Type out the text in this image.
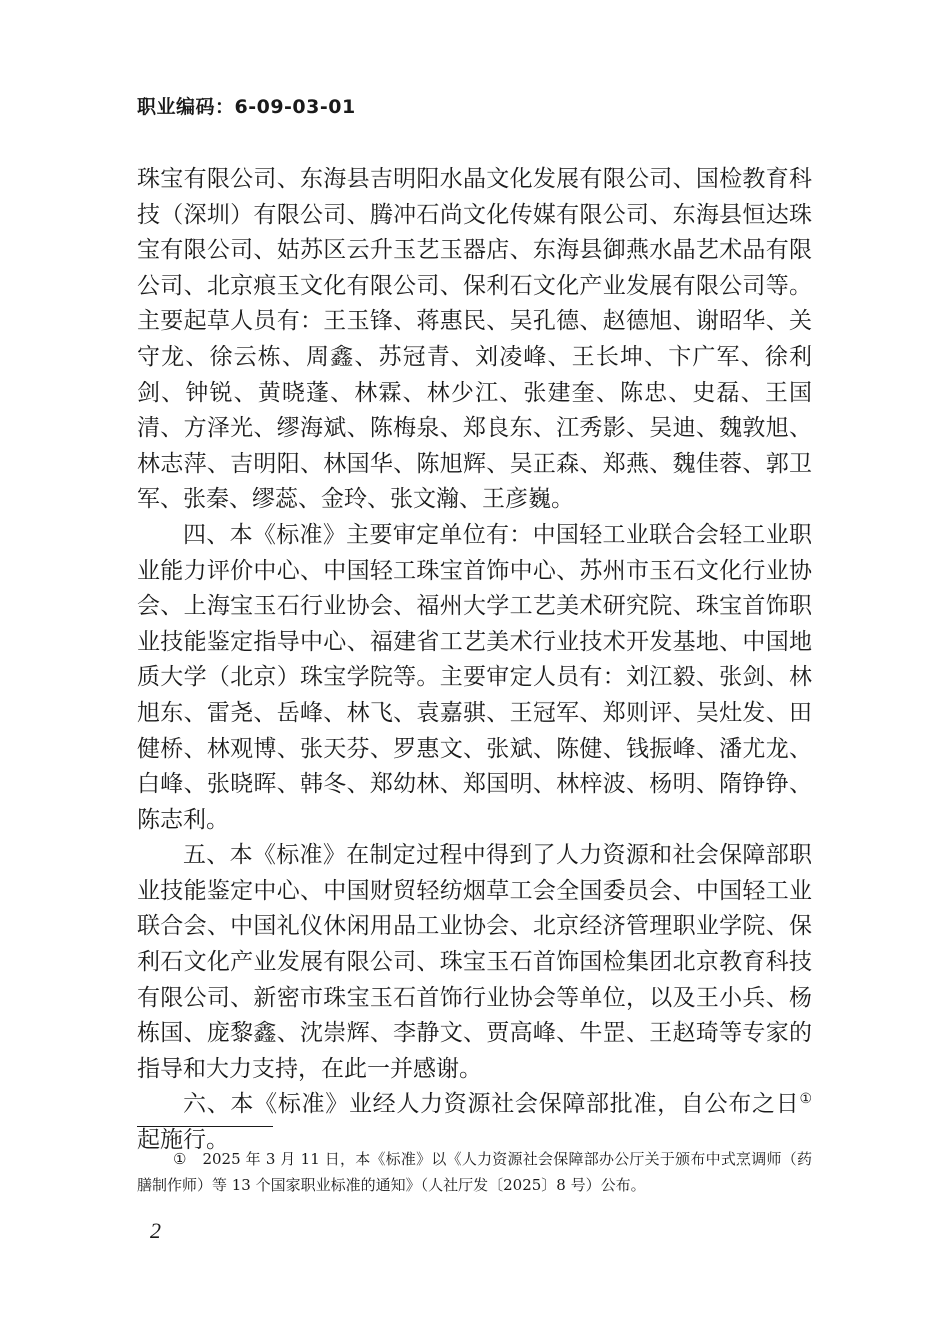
职业编码：6-09-03-01

珠宝有限公司、东海县吉明阳水晶文化发展有限公司、国检教育科技（深圳）有限公司、腾冲石尚文化传媒有限公司、东海县恒达珠宝有限公司、姑苏区云升玉艺玉器店、东海县御燕水晶艺术品有限公司、北京痕玉文化有限公司、保利石文化产业发展有限公司等。主要起草人员有：王玉锋、蒋惠民、吴孔德、赵德旭、谢昭华、关守龙、徐云栋、周鑫、苏冠青、刘凌峰、王长坤、卞广军、徐利剑、钟锐、黄晓蓬、林霖、林少江、张建奎、陈忠、史磊、王国清、方泽光、缪海斌、陈梅泉、郑良东、江秀影、吴迪、魏敦旭、林志萍、吉明阳、林国华、陈旭辉、吴正森、郑燕、魏佳蓉、郭卫军、张秦、缪蕊、金玲、张文瀚、王彦巍。

四、本《标准》主要审定单位有：中国轻工业联合会轻工业职业能力评价中心、中国轻工珠宝首饰中心、苏州市玉石文化行业协会、上海宝玉石行业协会、福州大学工艺美术研究院、珠宝首饰职业技能鉴定指导中心、福建省工艺美术行业技术开发基地、中国地质大学（北京）珠宝学院等。主要审定人员有：刘江毅、张剑、林旭东、雷尧、岳峰、林飞、袁嘉骐、王冠军、郑则评、吴灶发、田健桥、林观博、张天芬、罗惠文、张斌、陈健、钱振峰、潘尤龙、白峰、张晓晖、韩冬、郑幼林、郑国明、林梓波、杨明、隋铮铮、陈志利。

五、本《标准》在制定过程中得到了人力资源和社会保障部职业技能鉴定中心、中国财贸轻纺烟草工会全国委员会、中国轻工业联合会、中国礼仪休闲用品工业协会、北京经济管理职业学院、保利石文化产业发展有限公司、珠宝玉石首饰国检集团北京教育科技有限公司、新密市珠宝玉石首饰行业协会等单位，以及王小兵、杨栋国、庞黎鑫、沈崇辉、李静文、贾高峰、牛罡、王赵琦等专家的指导和大力支持，在此一并感谢。

六、本《标准》业经人力资源社会保障部批准，自公布之日①起施行。

① 2025 年 3 月 11 日，本《标准》以《人力资源社会保障部办公厅关于颁布中式烹调师（药膳制作师）等 13 个国家职业标准的通知》（人社厅发〔2025〕8 号）公布。
2
